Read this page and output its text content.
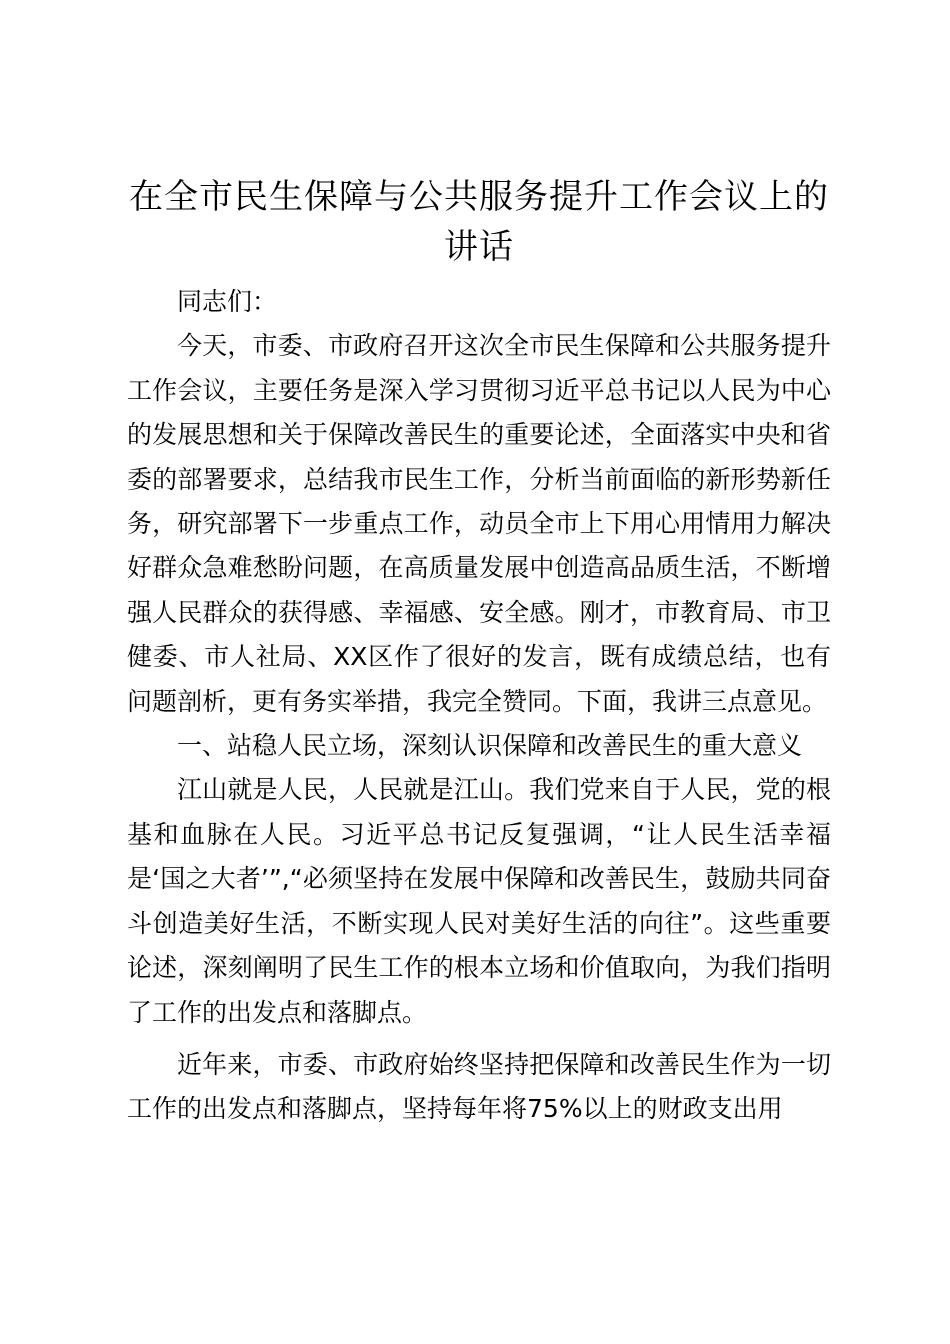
在全市民生保障与公共服务提升工作会议上的讲话

同志们：

今天，市委、市政府召开这次全市民生保障和公共服务提升工作会议，主要任务是深入学习贯彻习近平总书记以人民为中心的发展思想和关于保障改善民生的重要论述，全面落实中央和省委的部署要求，总结我市民生工作，分析当前面临的新形势新任务，研究部署下一步重点工作，动员全市上下用心用情用力解决好群众急难愁盼问题，在高质量发展中创造高品质生活，不断增强人民群众的获得感、幸福感、安全感。刚才，市教育局、市卫健委、市人社局、XX区作了很好的发言，既有成绩总结，也有问题剖析，更有务实举措，我完全赞同。下面，我讲三点意见。

一、站稳人民立场，深刻认识保障和改善民生的重大意义

江山就是人民，人民就是江山。我们党来自于人民，党的根基和血脉在人民。习近平总书记反复强调，“让人民生活幸福是‘国之大者’”,“必须坚持在发展中保障和改善民生，鼓励共同奋斗创造美好生活，不断实现人民对美好生活的向往”。这些重要论述，深刻阐明了民生工作的根本立场和价值取向，为我们指明了工作的出发点和落脚点。

近年来，市委、市政府始终坚持把保障和改善民生作为一切工作的出发点和落脚点，坚持每年将75%以上的财政支出用
